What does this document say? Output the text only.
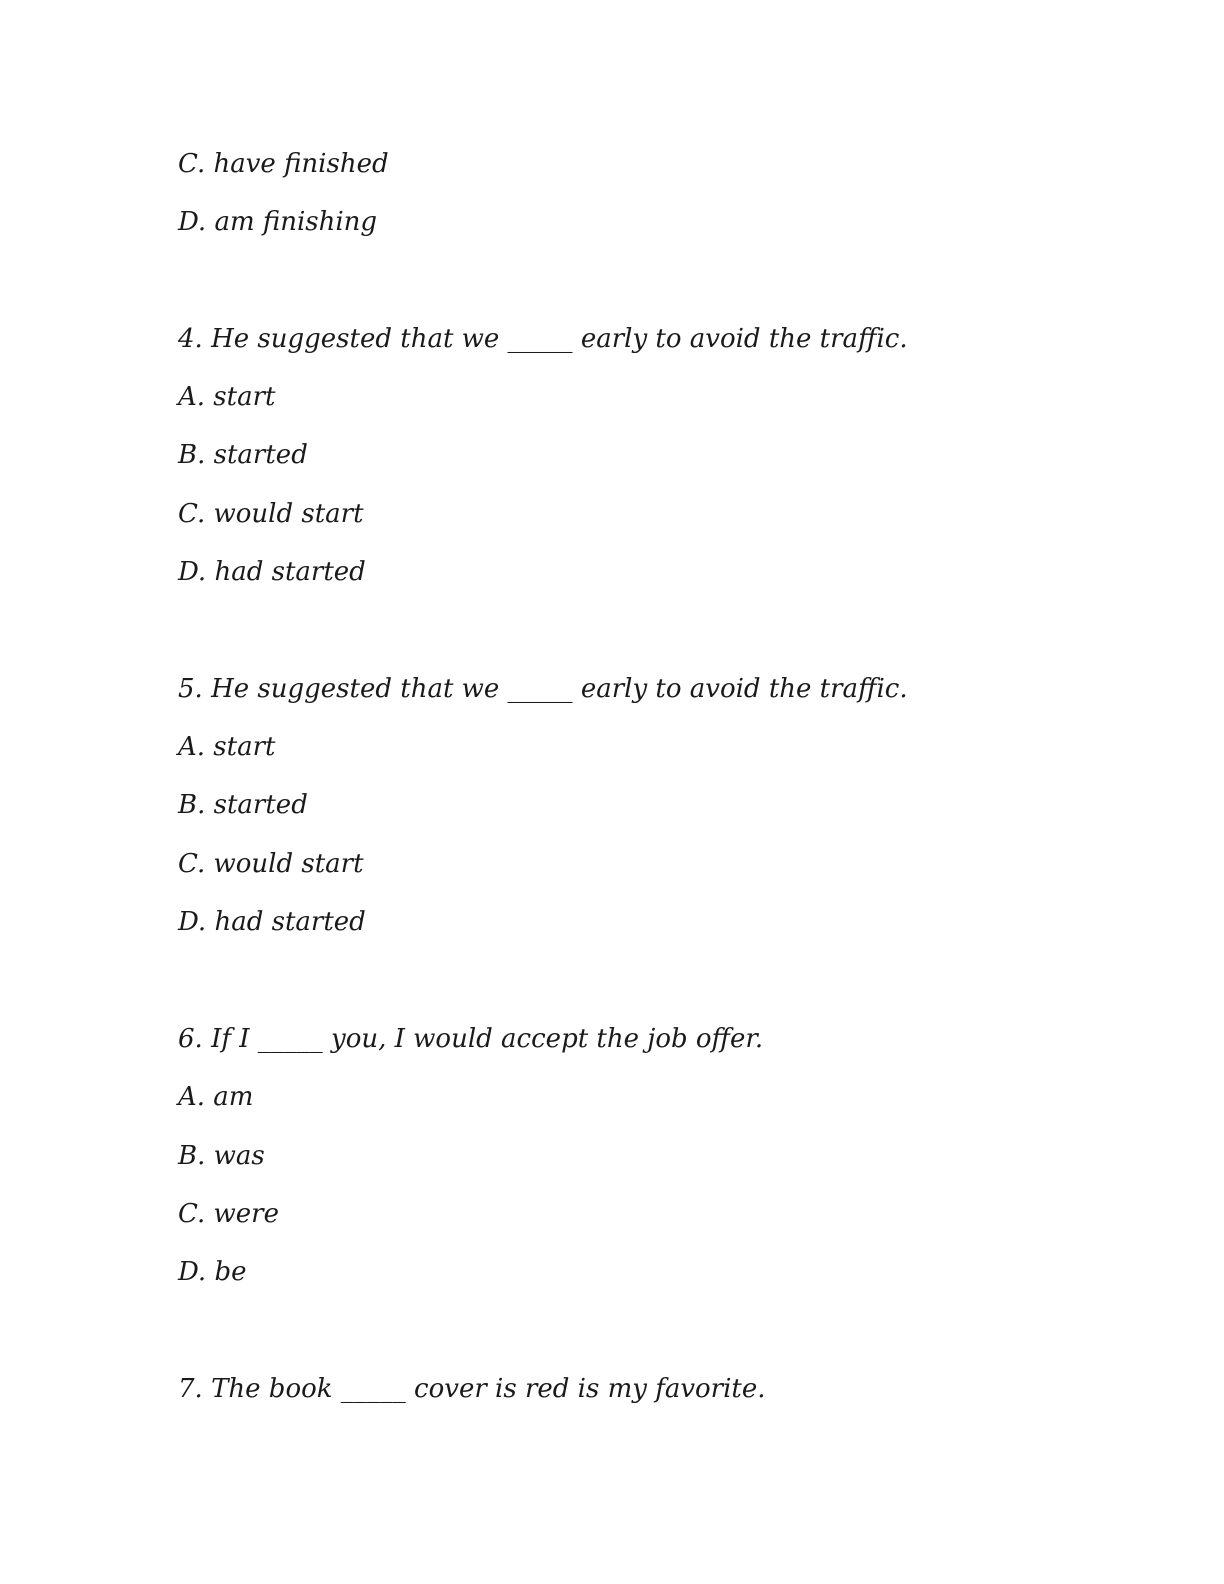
C. have finished
D. am finishing
4. He suggested that we _____ early to avoid the traffic.
A. start
B. started
C. would start
D. had started
5. He suggested that we _____ early to avoid the traffic.
A. start
B. started
C. would start
D. had started
6. If I _____ you, I would accept the job offer.
A. am
B. was
C. were
D. be
7. The book _____ cover is red is my favorite.
